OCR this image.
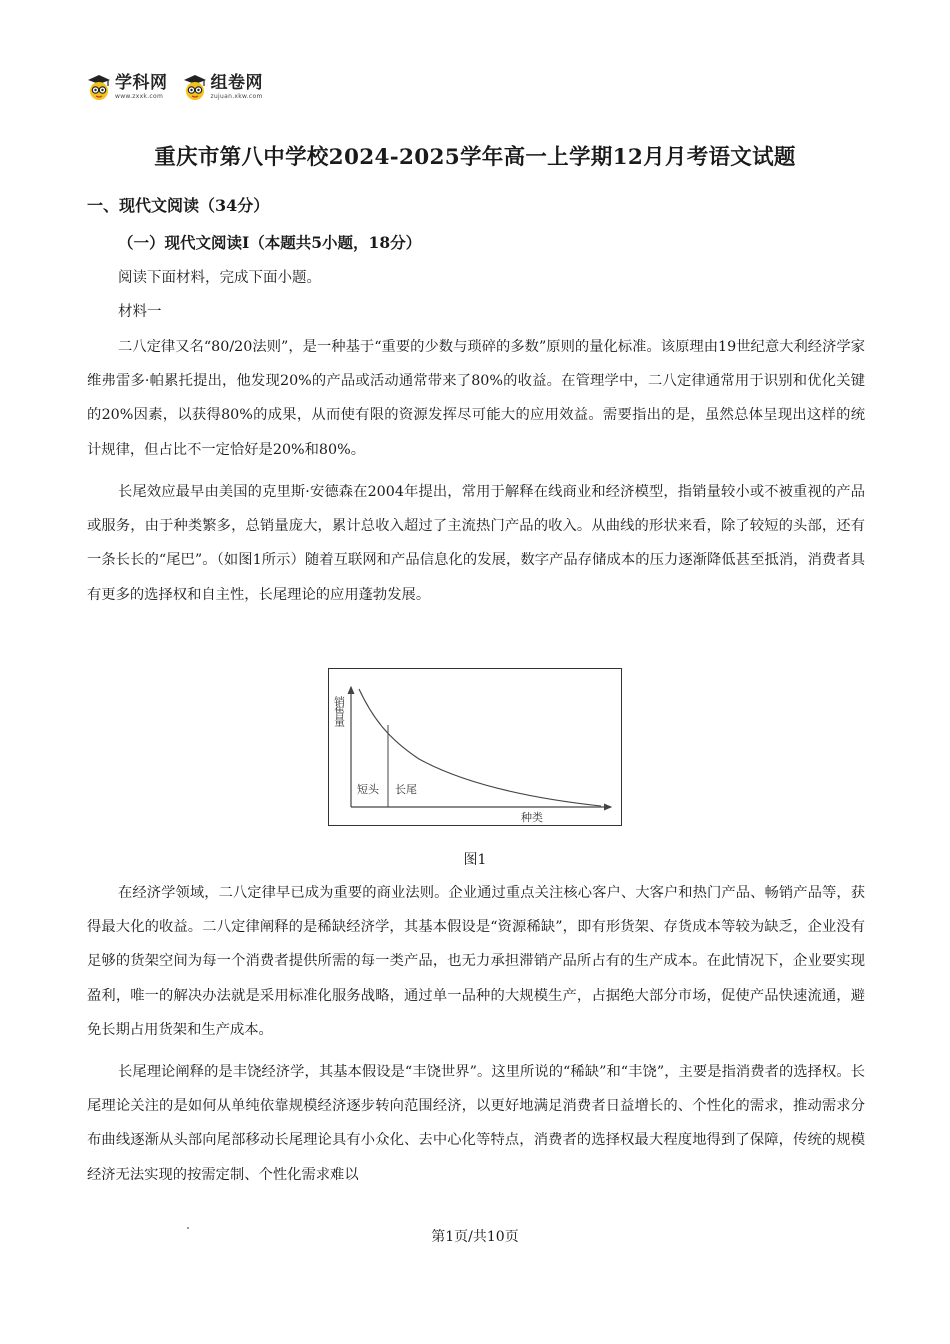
学科网
www.zxxk.com
组卷网
zujuan.xkw.com
重庆市第八中学校2024-2025学年高一上学期12月月考语文试题
一、现代文阅读（34分）
（一）现代文阅读Ⅰ（本题共5小题，18分）
阅读下面材料，完成下面小题。
材料一

二八定律又名“80/20法则”，是一种基于“重要的少数与琐碎的多数”原则的量化标准。该原理由19世纪意大利经济学家维弗雷多·帕累托提出，他发现20%的产品或活动通常带来了80%的收益。在管理学中，二八定律通常用于识别和优化关键的20%因素，以获得80%的成果，从而使有限的资源发挥尽可能大的应用效益。需要指出的是，虽然总体呈现出这样的统计规律，但占比不一定恰好是20%和80%。

长尾效应最早由美国的克里斯·安德森在2004年提出，常用于解释在线商业和经济模型，指销量较小或不被重视的产品或服务，由于种类繁多，总销量庞大，累计总收入超过了主流热门产品的收入。从曲线的形状来看，除了较短的头部，还有一条长长的“尾巴”。（如图1所示）随着互联网和产品信息化的发展，数字产品存储成本的压力逐渐降低甚至抵消，消费者具有更多的选择权和自主性，长尾理论的应用蓬勃发展。

销售量
短头 长尾
种类
图1

在经济学领域，二八定律早已成为重要的商业法则。企业通过重点关注核心客户、大客户和热门产品、畅销产品等，获得最大化的收益。二八定律阐释的是稀缺经济学，其基本假设是“资源稀缺”，即有形货架、存货成本等较为缺乏，企业没有足够的货架空间为每一个消费者提供所需的每一类产品，也无力承担滞销产品所占有的生产成本。在此情况下，企业要实现盈利，唯一的解决办法就是采用标准化服务战略，通过单一品种的大规模生产，占据绝大部分市场，促使产品快速流通，避免长期占用货架和生产成本。

长尾理论阐释的是丰饶经济学，其基本假设是“丰饶世界”。这里所说的“稀缺”和“丰饶”，主要是指消费者的选择权。长尾理论关注的是如何从单纯依靠规模经济逐步转向范围经济，以更好地满足消费者日益增长的、个性化的需求，推动需求分布曲线逐渐从头部向尾部移动长尾理论具有小众化、去中心化等特点，消费者的选择权最大程度地得到了保障，传统的规模经济无法实现的按需定制、个性化需求难以

第1页/共10页
